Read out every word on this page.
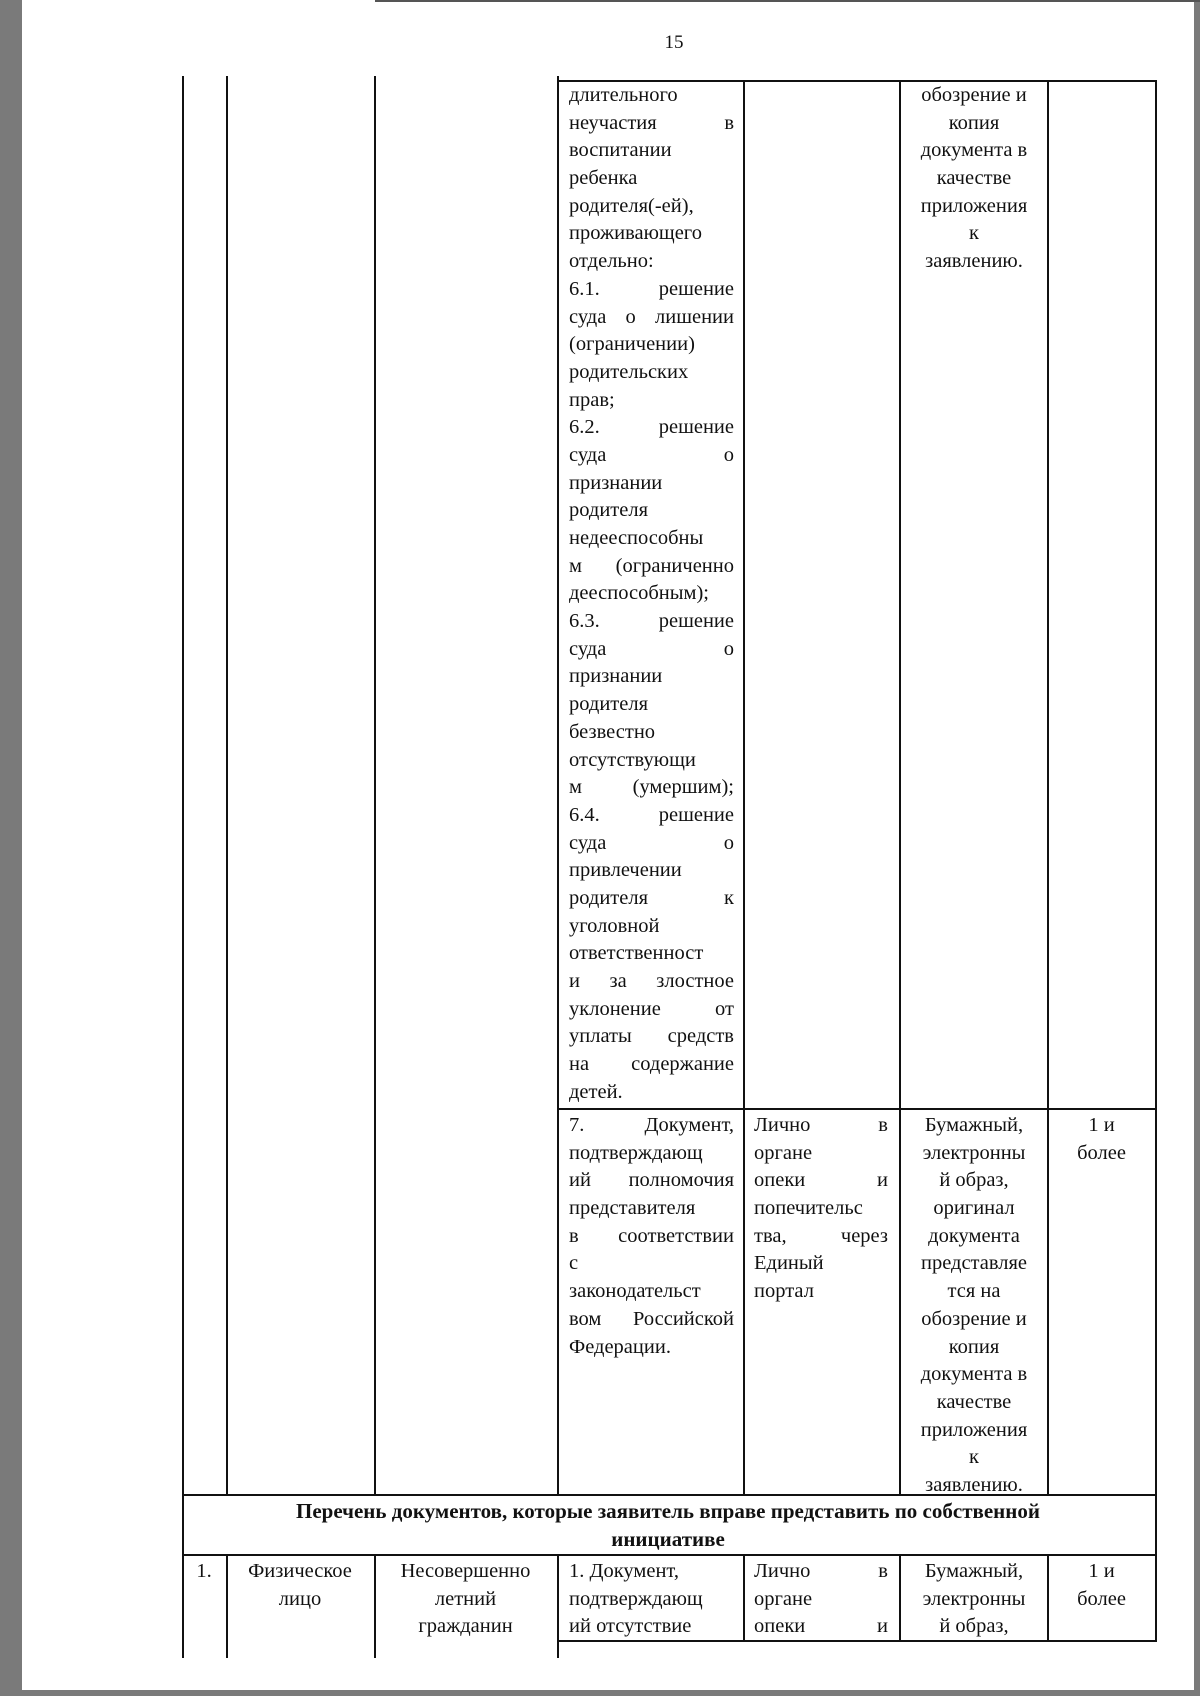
15
длительного
неучастия в
воспитании
ребенка
родителя(-ей),
проживающего
отдельно:
6.1. решение
суда о лишении
(ограничении)
родительских
прав;
6.2. решение
суда о
признании
родителя
недееспособны
м (ограниченно
дееспособным);
6.3. решение
суда о
признании
родителя
безвестно
отсутствующи
м (умершим);
6.4. решение
суда о
привлечении
родителя к
уголовной
ответственност
и за злостное
уклонение от
уплаты средств
на содержание
детей.
обозрение и
копия
документа в
качестве
приложения
к
заявлению.
7. Документ,
подтверждающ
ий полномочия
представителя
в соответствии
с
законодательст
вом Российской
Федерации.
Лично в
органе
опеки и
попечительс
тва, через
Единый
портал
Бумажный,
электронны
й образ,
оригинал
документа
представляе
тся на
обозрение и
копия
документа в
качестве
приложения
к
заявлению.
1 и
более
Перечень документов, которые заявитель вправе представить по собственной
инициативе
1.	Физическое
лицо
Несовершенно
летний
гражданин
1. Документ,
подтверждающ
ий отсутствие
Лично в
органе
опеки и
Бумажный,
электронны
й образ,
1 и
более
